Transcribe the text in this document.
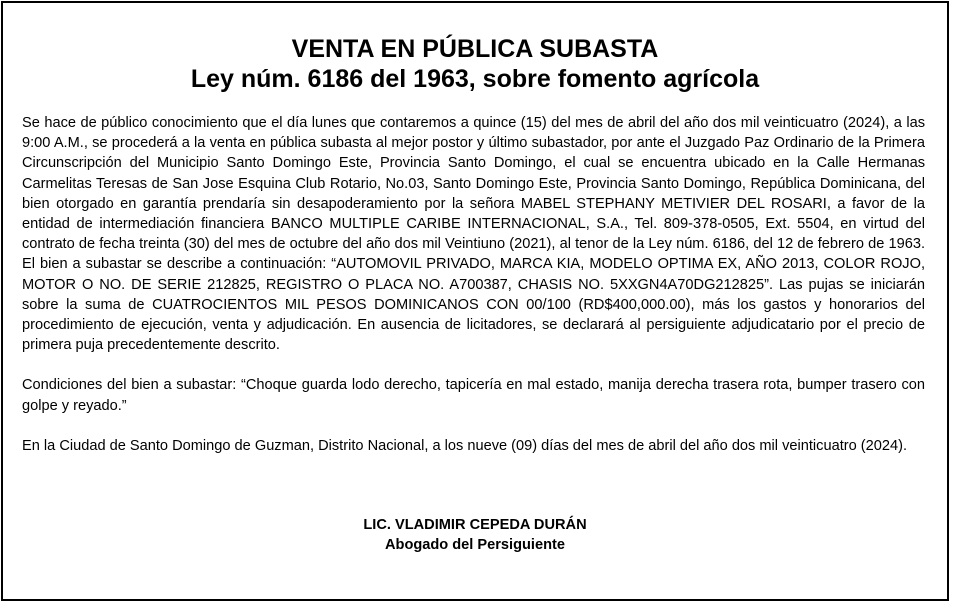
VENTA EN PÚBLICA SUBASTA
Ley núm. 6186 del 1963, sobre fomento agrícola

Se hace de público conocimiento que el día lunes que contaremos a quince (15) del mes de abril del año dos mil veinticuatro (2024), a las 9:00 A.M., se procederá a la venta en pública subasta al mejor postor y último subastador, por ante el Juzgado Paz Ordinario de la Primera Circunscripción del Municipio Santo Domingo Este, Provincia Santo Domingo, el cual se encuentra ubicado en la Calle Hermanas Carmelitas Teresas de San Jose Esquina Club Rotario, No.03, Santo Domingo Este, Provincia Santo Domingo, República Dominicana, del bien otorgado en garantía prendaría sin desapoderamiento por la señora MABEL STEPHANY METIVIER DEL ROSARI, a favor de la entidad de intermediación financiera BANCO MULTIPLE CARIBE INTERNACIONAL, S.A., Tel. 809-378-0505, Ext. 5504, en virtud del contrato de fecha treinta (30) del mes de octubre del año dos mil Veintiuno (2021), al tenor de la Ley núm. 6186, del 12 de febrero de 1963. El bien a subastar se describe a continuación: “AUTOMOVIL PRIVADO, MARCA KIA, MODELO OPTIMA EX, AÑO 2013, COLOR ROJO, MOTOR O NO. DE SERIE 212825, REGISTRO O PLACA NO. A700387, CHASIS NO. 5XXGN4A70DG212825”. Las pujas se iniciarán sobre la suma de CUATROCIENTOS MIL PESOS DOMINICANOS CON 00/100 (RD$400,000.00), más los gastos y honorarios del procedimiento de ejecución, venta y adjudicación. En ausencia de licitadores, se declarará al persiguiente adjudicatario por el precio de primera puja precedentemente descrito.

Condiciones del bien a subastar: “Choque guarda lodo derecho, tapicería en mal estado, manija derecha trasera rota, bumper trasero con golpe y reyado.”

En la Ciudad de Santo Domingo de Guzman, Distrito Nacional, a los nueve (09) días del mes de abril del año dos mil veinticuatro (2024).

LIC. VLADIMIR CEPEDA DURÁN
Abogado del Persiguiente
